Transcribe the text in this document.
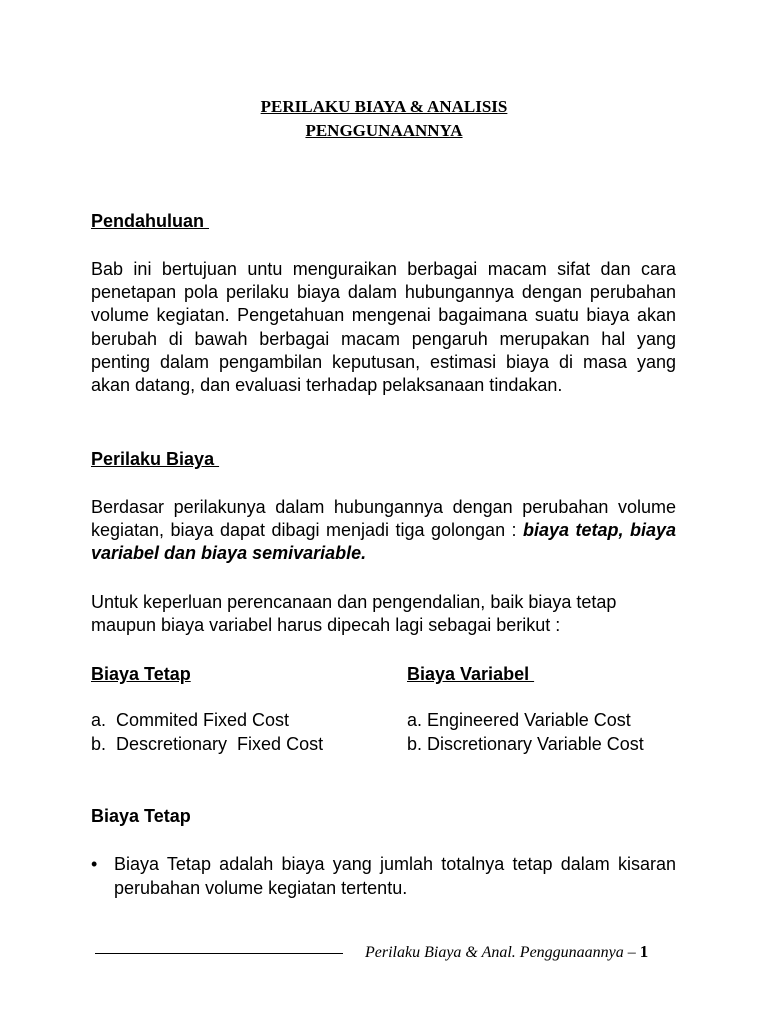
PERILAKU BIAYA & ANALISIS
PENGGUNAANNYA
Pendahuluan
Bab ini bertujuan untu menguraikan berbagai macam sifat dan cara penetapan pola perilaku biaya dalam hubungannya dengan perubahan volume kegiatan. Pengetahuan mengenai bagaimana suatu biaya akan berubah di bawah berbagai macam pengaruh merupakan hal yang penting dalam pengambilan keputusan, estimasi biaya di masa yang akan datang, dan evaluasi terhadap pelaksanaan tindakan.
Perilaku Biaya
Berdasar perilakunya dalam hubungannya dengan perubahan volume kegiatan, biaya dapat dibagi menjadi tiga golongan : biaya tetap, biaya variabel dan biaya semivariable.
Untuk keperluan perencanaan dan pengendalian, baik biaya tetap maupun biaya variabel harus dipecah lagi sebagai berikut :
Biaya Tetap	Biaya Variabel
a.  Commited Fixed Cost
b.  Descretionary  Fixed Cost
a. Engineered Variable Cost
b. Discretionary Variable Cost
Biaya Tetap
• Biaya Tetap adalah biaya yang jumlah totalnya tetap dalam kisaran perubahan volume kegiatan tertentu.
Perilaku Biaya & Anal. Penggunaannya – 1
